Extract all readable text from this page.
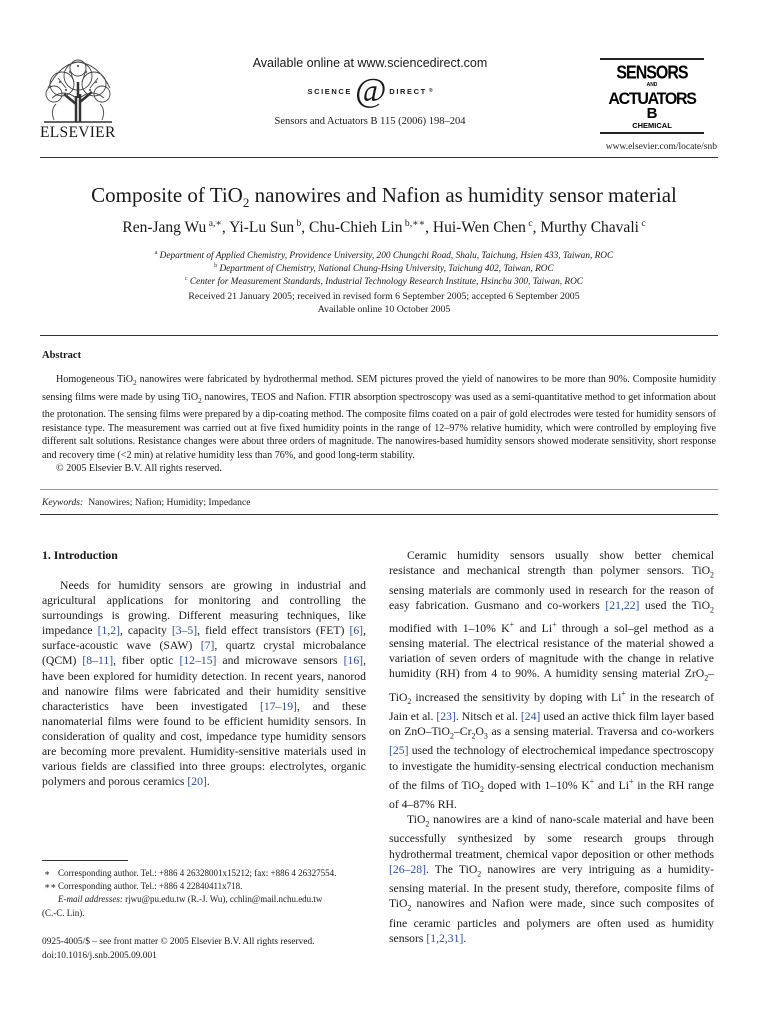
ELSEVIER
Available online at www.sciencedirect.com
SCIENCE @ DIRECT ®
Sensors and Actuators B 115 (2006) 198–204
SENSORS
AND
ACTUATORS
B
CHEMICAL
www.elsevier.com/locate/snb
Composite of TiO$_2$ nanowires and Nafion as humidity sensor material
Ren-Jang Wu $^{a,∗}$, Yi-Lu Sun $^b$, Chu-Chieh Lin $^{b,∗∗}$, Hui-Wen Chen $^c$, Murthy Chavali $^c$
$^a$ Department of Applied Chemistry, Providence University, 200 Chungchi Road, Shalu, Taichung, Hsien 433, Taiwan, ROC
$^b$ Department of Chemistry, National Chung-Hsing University, Taichung 402, Taiwan, ROC
$^c$ Center for Measurement Standards, Industrial Technology Research Institute, Hsinchu 300, Taiwan, ROC
Received 21 January 2005; received in revised form 6 September 2005; accepted 6 September 2005
Available online 10 October 2005
Abstract

Homogeneous TiO$_2$ nanowires were fabricated by hydrothermal method. SEM pictures proved the yield of nanowires to be more than 90%. Composite humidity sensing films were made by using TiO$_2$ nanowires, TEOS and Nafion. FTIR absorption spectroscopy was used as a semi-quantitative method to get information about the protonation. The sensing films were prepared by a dip-coating method. The composite films coated on a pair of gold electrodes were tested for humidity sensors of resistance type. The measurement was carried out at five fixed humidity points in the range of 12–97% relative humidity, which were controlled by employing five different salt solutions. Resistance changes were about three orders of magnitude. The nanowires-based humidity sensors showed moderate sensitivity, short response and recovery time (<2 min) at relative humidity less than 76%, and good long-term stability.

© 2005 Elsevier B.V. All rights reserved.

Keywords: Nanowires; Nafion; Humidity; Impedance
1. Introduction

Needs for humidity sensors are growing in industrial and agricultural applications for monitoring and controlling the surroundings is growing. Different measuring techniques, like impedance [1,2], capacity [3–5], field effect transistors (FET) [6], surface-acoustic wave (SAW) [7], quartz crystal microbalance (QCM) [8–11], fiber optic [12–15] and microwave sensors [16], have been explored for humidity detection. In recent years, nanorod and nanowire films were fabricated and their humidity sensitive characteristics have been investigated [17–19], and these nanomaterial films were found to be efficient humidity sensors. In consideration of quality and cost, impedance type humidity sensors are becoming more prevalent. Humidity-sensitive materials used in various fields are classified into three groups: electrolytes, organic polymers and porous ceramics [20].

Ceramic humidity sensors usually show better chemical resistance and mechanical strength than polymer sensors. TiO$_2$ sensing materials are commonly used in research for the reason of easy fabrication. Gusmano and co-workers [21,22] used the TiO$_2$ modified with 1–10% K+ and Li+ through a sol–gel method as a sensing material. The electrical resistance of the material showed a variation of seven orders of magnitude with the change in relative humidity (RH) from 4 to 90%. A humidity sensing material ZrO$_2$–TiO$_2$ increased the sensitivity by doping with Li+ in the research of Jain et al. [23]. Nitsch et al. [24] used an active thick film layer based on ZnO–$TiO_2-Cr_2O_3$ as a sensing material. Traversa and co-workers [25] used the technology of electrochemical impedance spectroscopy to investigate the humidity-sensing electrical conduction mechanism of the films of TiO$_2$ doped with 1–10% K+ and Li+ in the RH range of 4–87% RH.

TiO$_2$ nanowires are a kind of nano-scale material and have been successfully synthesized by some research groups through hydrothermal treatment, chemical vapor deposition or other methods [26–28]. The TiO$_2$ nanowires are very intriguing as a humidity-sensing material. In the present study, therefore, composite films of TiO$_2$ nanowires and Nafion were made, since such composites of fine ceramic particles and polymers are often used as humidity sensors [1,2,31].

∗ Corresponding author. Tel.: +886 4 26328001x15212; fax: +886 4 26327554.
∗∗ Corresponding author. Tel.: +886 4 22840411x718.
E-mail addresses: rjwu@pu.edu.tw (R.-J. Wu), cchlin@mail.nchu.edu.tw
(C.-C. Lin).
0925-4005/$ – see front matter © 2005 Elsevier B.V. All rights reserved.
doi:10.1016/j.snb.2005.09.001
